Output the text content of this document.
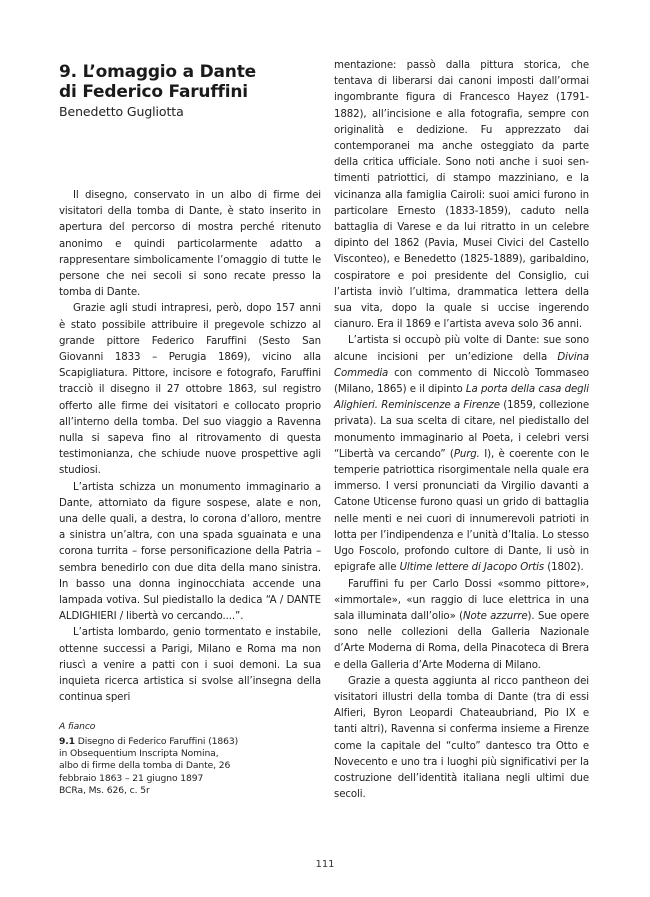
9. L’omaggio a Dante
di Federico Faruffini
Benedetto Gugliotta

Il disegno, conservato in un albo di firme dei visitatori della tomba di Dante, è stato inserito in apertura del percorso di mostra perché ritenuto anonimo e quindi particolarmente adatto a rappresentare simbolicamente l’omaggio di tutte le persone che nei secoli si sono recate presso la tomba di Dante.

Grazie agli studi intrapresi, però, dopo 157 anni è stato possibile attribuire il pregevole schizzo al grande pittore Federico Faruffini (Sesto San Giovanni 1833 – Perugia 1869), vicino alla Scapigliatura. Pittore, incisore e fotografo, Faruffini tracciò il disegno il 27 ottobre 1863, sul registro offerto alle firme dei visitatori e collocato proprio all’interno della tomba. Del suo viaggio a Ravenna nulla si sapeva fino al ritrovamento di questa testimonianza, che schiude nuove prospettive agli studiosi.

L’artista schizza un monumento immaginario a Dante, attorniato da figure sospese, alate e non, una delle quali, a destra, lo corona d’alloro, mentre a sinistra un’altra, con una spada sguainata e una corona turrita – forse personificazione della Patria – sembra benedirlo con due dita della mano sinistra. In basso una donna inginocchiata accende una lampada votiva. Sul piedistallo la dedica “A / DANTE ALDIGHIERI / libertà vo cercando....”.

L’artista lombardo, genio tormentato e instabile, ottenne successi a Parigi, Milano e Roma ma non riuscì a venire a patti con i suoi demoni. La sua inquieta ricerca artistica si svolse all’insegna della continua speri

A fianco
9.1 Disegno di Federico Faruffini (1863)
in Obsequentium Inscripta Nomina,
albo di firme della tomba di Dante, 26
febbraio 1863 – 21 giugno 1897
BCRa, Ms. 626, c. 5r

mentazione: passò dalla pittura storica, che tentava di liberarsi dai canoni imposti dall’ormai ingombrante figura di Francesco Hayez (1791-1882), all’incisione e alla fotografia, sempre con originalità e dedizione. Fu apprezzato dai contemporanei ma anche osteggiato da parte della critica ufficiale. Sono noti anche i suoi sentimenti patriottici, di stampo mazziniano, e la vicinanza alla famiglia Cairoli: suoi amici furono in particolare Ernesto (1833-1859), caduto nella battaglia di Varese e da lui ritratto in un celebre dipinto del 1862 (Pavia, Musei Civici del Castello Visconteo), e Benedetto (1825-1889), garibaldino, cospiratore e poi presidente del Consiglio, cui l’artista inviò l’ultima, drammatica lettera della sua vita, dopo la quale si uccise ingerendo cianuro. Era il 1869 e l’artista aveva solo 36 anni.

L’artista si occupò più volte di Dante: sue sono alcune incisioni per un’edizione della Divina Commedia con commento di Niccolò Tommaseo (Milano, 1865) e il dipinto La porta della casa degli Alighieri. Reminiscenze a Firenze (1859, collezione privata). La sua scelta di citare, nel piedistallo del monumento immaginario al Poeta, i celebri versi “Libertà va cercando” (Purg. I), è coerente con le temperie patriottica risorgimentale nella quale era immerso. I versi pronunciati da Virgilio davanti a Catone Uticense furono quasi un grido di battaglia nelle menti e nei cuori di innumerevoli patrioti in lotta per l’indipendenza e l’unità d’Italia. Lo stesso Ugo Foscolo, profondo cultore di Dante, li usò in epigrafe alle Ultime lettere di Jacopo Ortis (1802).

Faruffini fu per Carlo Dossi «sommo pittore», «immortale», «un raggio di luce elettrica in una sala illuminata dall’olio» (Note azzurre). Sue opere sono nelle collezioni della Galleria Nazionale d’Arte Moderna di Roma, della Pinacoteca di Brera e della Galleria d’Arte Moderna di Milano.

Grazie a questa aggiunta al ricco pantheon dei visitatori illustri della tomba di Dante (tra di essi Alfieri, Byron Leopardi Chateaubriand, Pio IX e tanti altri), Ravenna si conferma insieme a Firenze come la capitale del “culto” dantesco tra Otto e Novecento e uno tra i luoghi più significativi per la costruzione dell’identità italiana negli ultimi due secoli.

111
